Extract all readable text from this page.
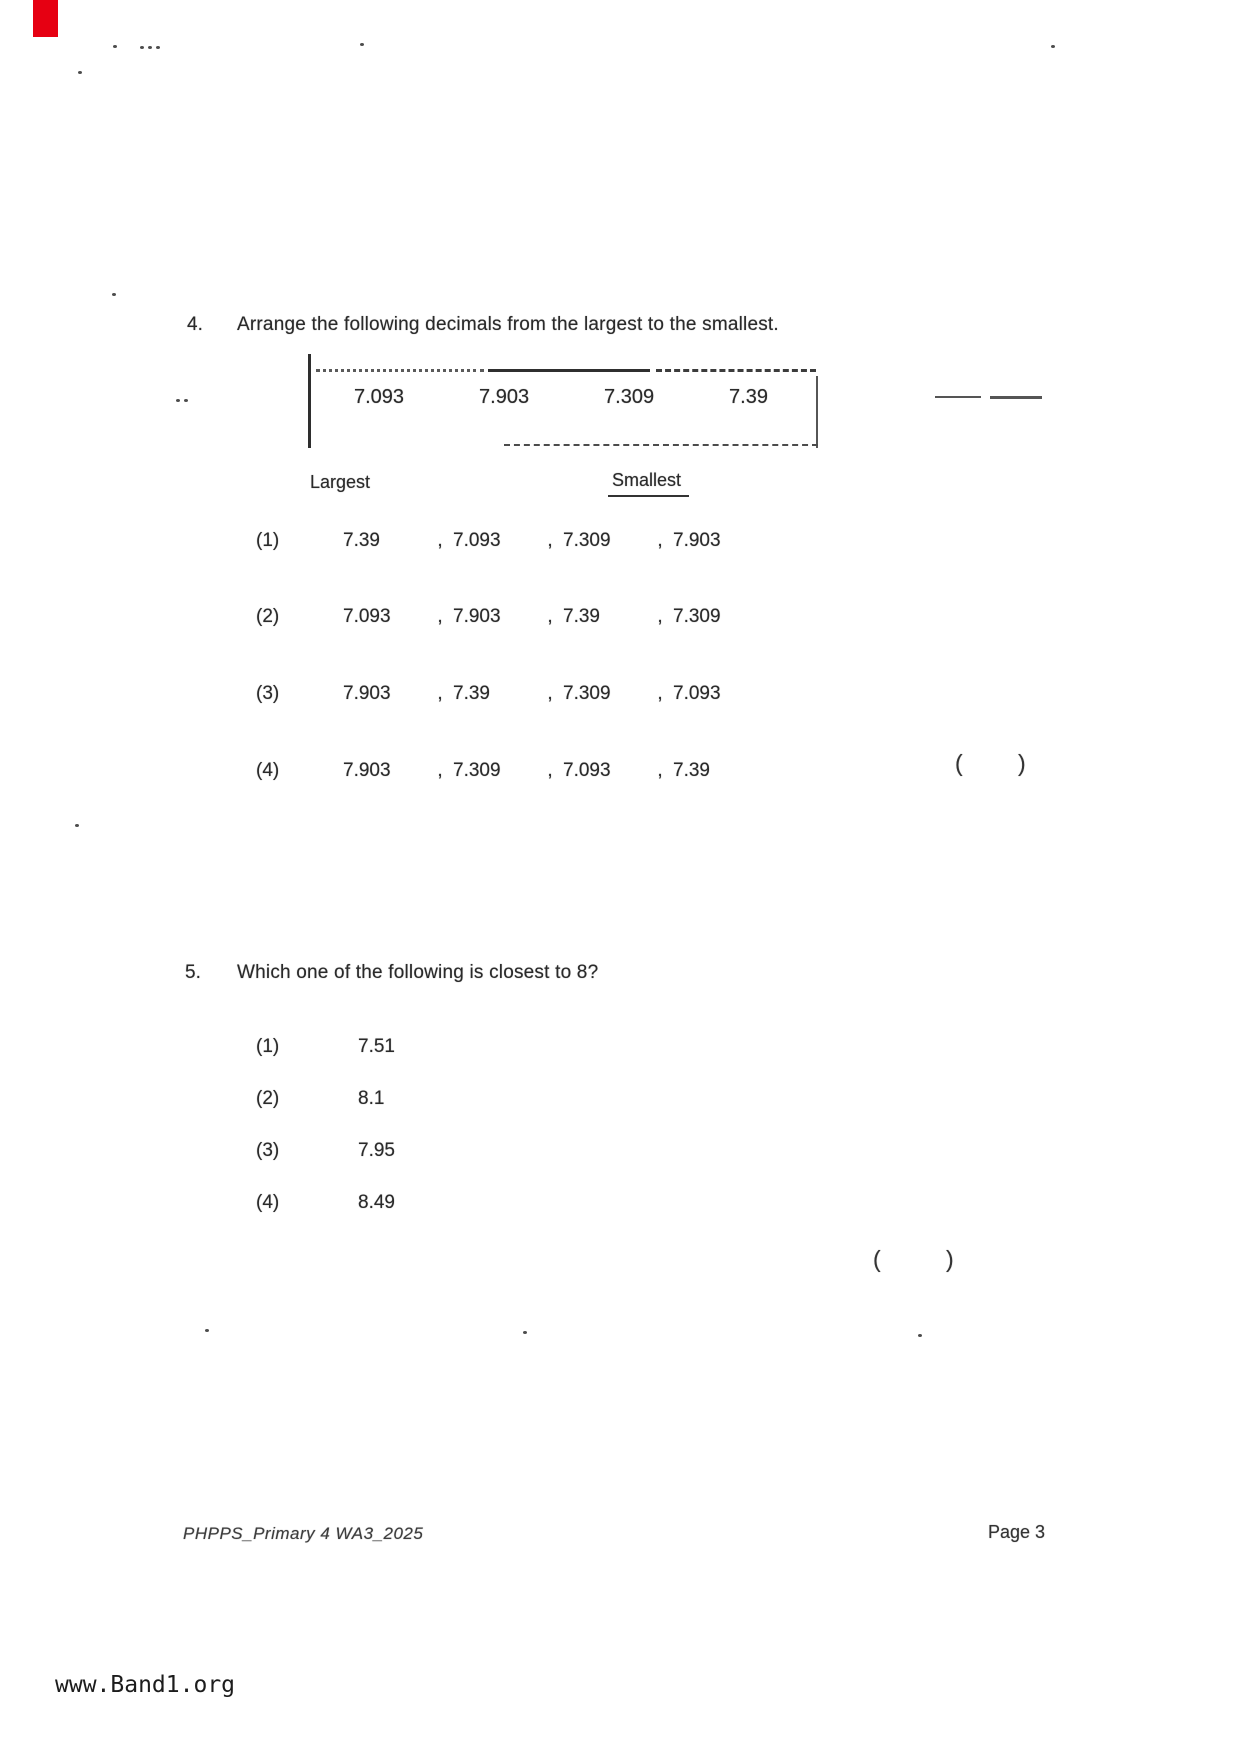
4. Arrange the following decimals from the largest to the smallest.
7.093	7.903	7.309	7.39
Largest	Smallest
(1)	7.39	, 7.093	, 7.309	, 7.903
(2)	7.093	, 7.903	, 7.39	, 7.309
(3)	7.903	, 7.39	, 7.309	, 7.093
(4)	7.903	, 7.309	, 7.093	, 7.39	( )
5. Which one of the following is closest to 8?
(1)	7.51
(2)	8.1
(3)	7.95
(4)	8.49
(	)
PHPPS_Primary 4 WA3_2025	Page 3
www.Band1.org
